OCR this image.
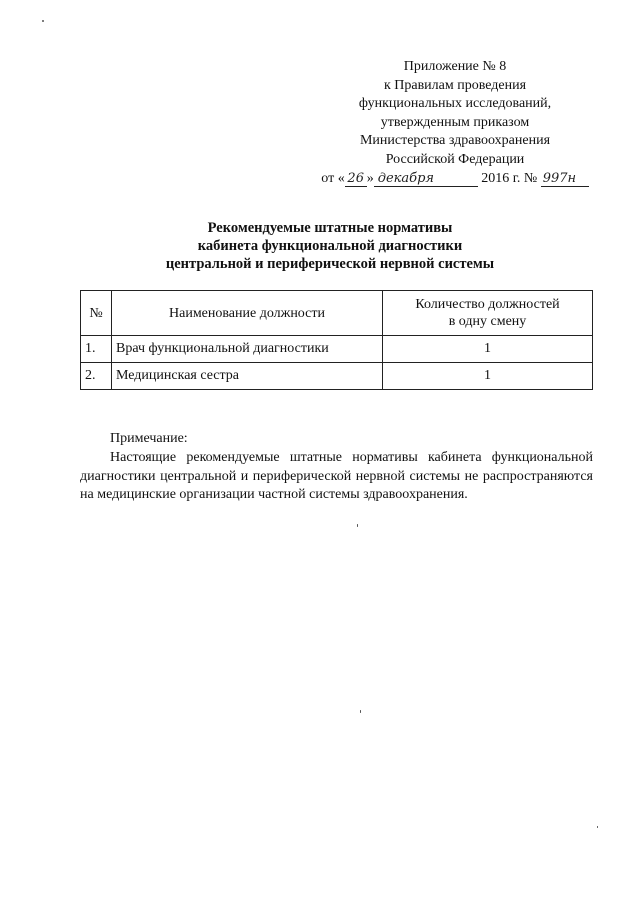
Приложение № 8
к Правилам проведения
функциональных исследований,
утвержденным приказом
Министерства здравоохранения
Российской Федерации
от « 26 » декабря	2016 г. № 997н
Рекомендуемые штатные нормативы
кабинета функциональной диагностики
центральной и периферической нервной системы
№	Наименование должности	Количество должностей
в одну смену
1.	Врач функциональной диагностики	1
2.	Медицинская сестра	1
Примечание:
Настоящие рекомендуемые штатные нормативы кабинета функциональной диагностики центральной и периферической нервной системы не распространяются на медицинские организации частной системы здравоохранения.
